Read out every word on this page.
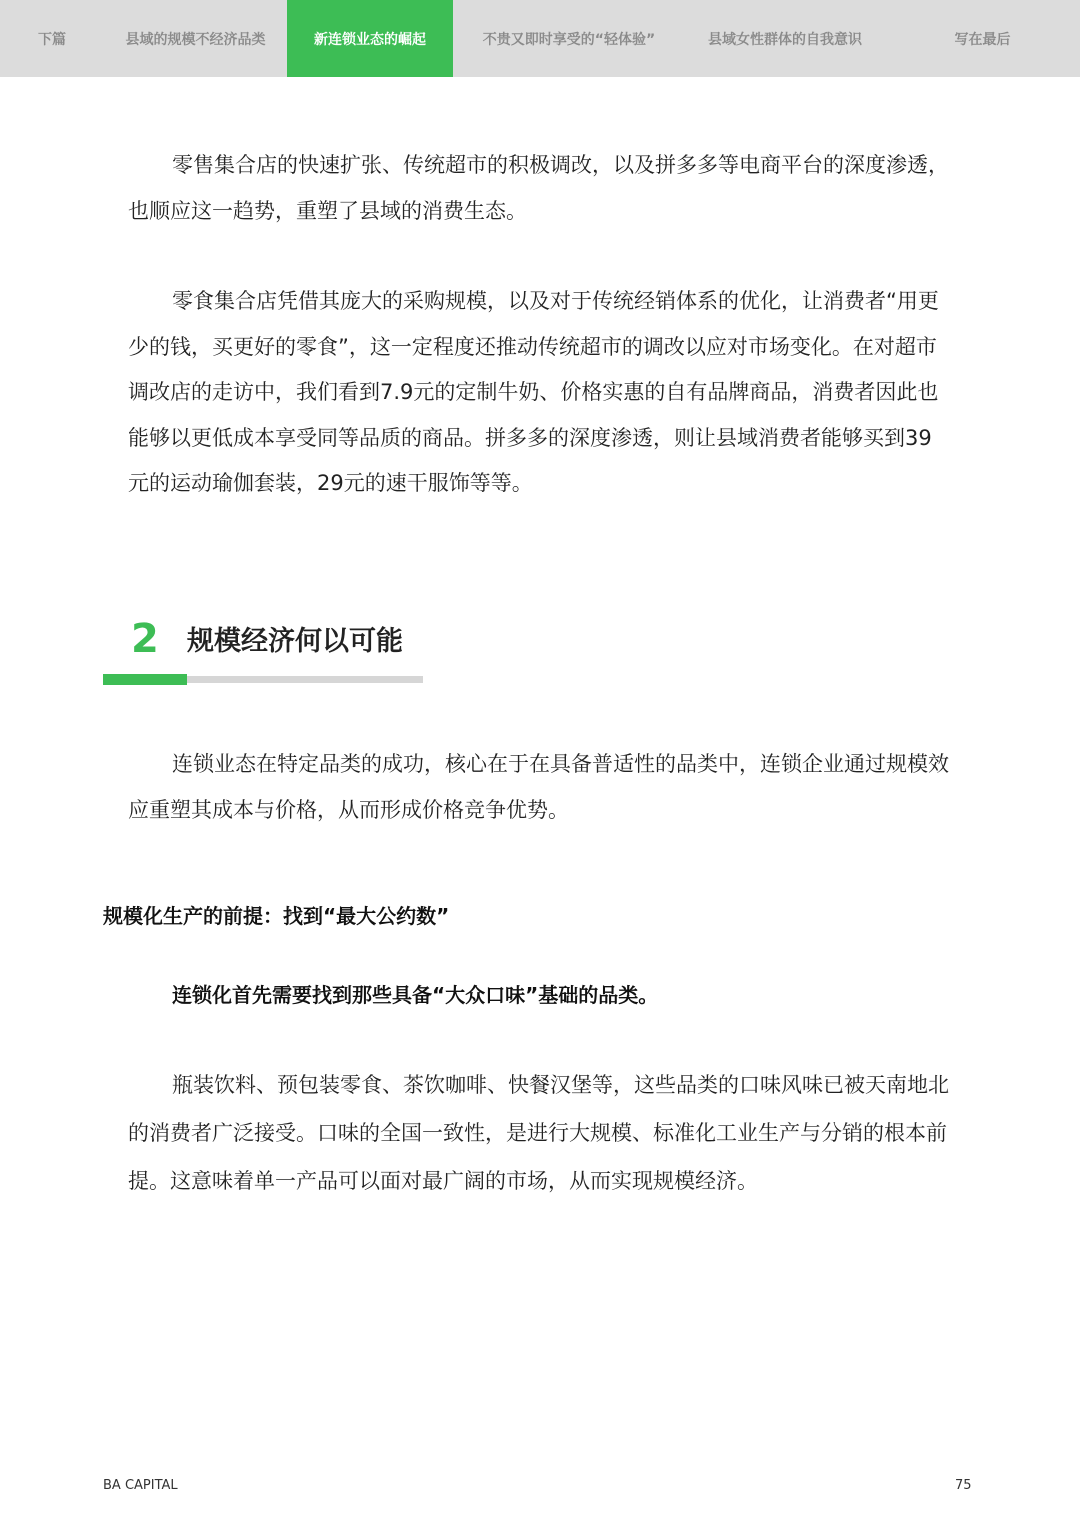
下篇	县域的规模不经济品类	新连锁业态的崛起	不贵又即时享受的“轻体验”	县域女性群体的自我意识	写在最后

零售集合店的快速扩张、传统超市的积极调改，以及拼多多等电商平台的深度渗透，也顺应这一趋势，重塑了县域的消费生态。

零食集合店凭借其庞大的采购规模，以及对于传统经销体系的优化，让消费者“用更少的钱，买更好的零食”，这一定程度还推动传统超市的调改以应对市场变化。在对超市调改店的走访中，我们看到7.9元的定制牛奶、价格实惠的自有品牌商品，消费者因此也能够以更低成本享受同等品质的商品。拼多多的深度渗透，则让县域消费者能够买到39元的运动瑜伽套装，29元的速干服饰等等。

2 规模经济何以可能

连锁业态在特定品类的成功，核心在于在具备普适性的品类中，连锁企业通过规模效应重塑其成本与价格，从而形成价格竞争优势。

规模化生产的前提：找到“最大公约数”
连锁化首先需要找到那些具备“大众口味”基础的品类。

瓶装饮料、预包装零食、茶饮咖啡、快餐汉堡等，这些品类的口味风味已被天南地北的消费者广泛接受。口味的全国一致性，是进行大规模、标准化工业生产与分销的根本前提。这意味着单一产品可以面对最广阔的市场，从而实现规模经济。

BA CAPITAL	75
